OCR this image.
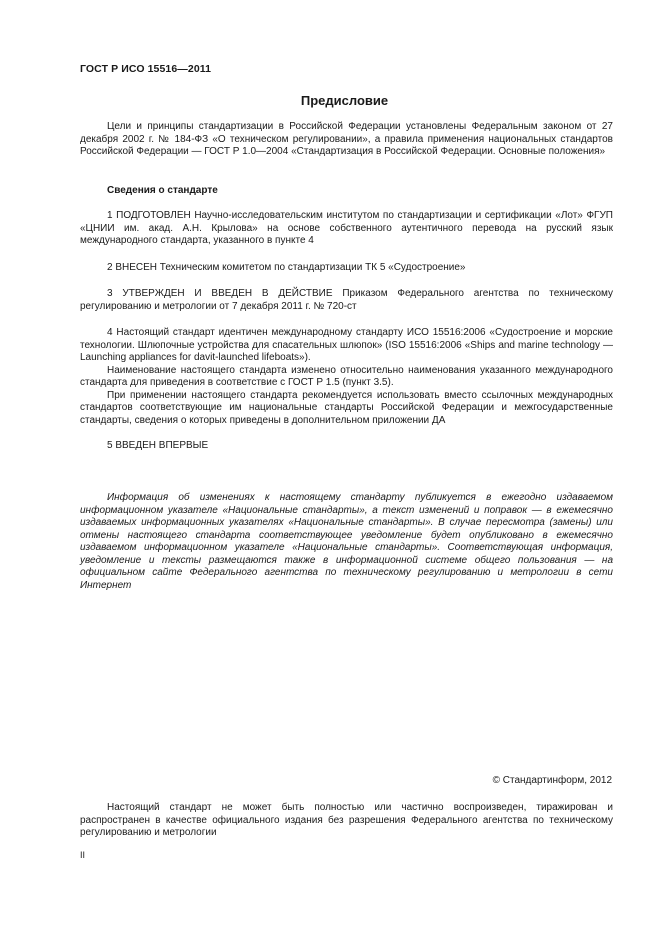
ГОСТ Р ИСО 15516—2011
Предисловие

Цели и принципы стандартизации в Российской Федерации установлены Федеральным законом от 27 декабря 2002 г. № 184-ФЗ «О техническом регулировании», а правила применения национальных стандартов Российской Федерации — ГОСТ Р 1.0—2004 «Стандартизация в Российской Федерации. Основные положения»

Сведения о стандарте

1 ПОДГОТОВЛЕН Научно-исследовательским институтом по стандартизации и сертификации «Лот» ФГУП «ЦНИИ им. акад. А.Н. Крылова» на основе собственного аутентичного перевода на русский язык международного стандарта, указанного в пункте 4

2 ВНЕСЕН Техническим комитетом по стандартизации ТК 5 «Судостроение»

3 УТВЕРЖДЕН И ВВЕДЕН В ДЕЙСТВИЕ Приказом Федерального агентства по техническому регулированию и метрологии от 7 декабря 2011 г. № 720-ст

4 Настоящий стандарт идентичен международному стандарту ИСО 15516:2006 «Судостроение и морские технологии. Шлюпочные устройства для спасательных шлюпок» (ISO 15516:2006 «Ships and marine technology — Launching appliances for davit-launched lifeboats»).

Наименование настоящего стандарта изменено относительно наименования указанного международного стандарта для приведения в соответствие с ГОСТ Р 1.5 (пункт 3.5).

При применении настоящего стандарта рекомендуется использовать вместо ссылочных международных стандартов соответствующие им национальные стандарты Российской Федерации и межгосударственные стандарты, сведения о которых приведены в дополнительном приложении ДА

5 ВВЕДЕН ВПЕРВЫЕ

Информация об изменениях к настоящему стандарту публикуется в ежегодно издаваемом информационном указателе «Национальные стандарты», а текст изменений и поправок — в ежемесячно издаваемых информационных указателях «Национальные стандарты». В случае пересмотра (замены) или отмены настоящего стандарта соответствующее уведомление будет опубликовано в ежемесячно издаваемом информационном указателе «Национальные стандарты». Соответствующая информация, уведомление и тексты размещаются также в информационной системе общего пользования — на официальном сайте Федерального агентства по техническому регулированию и метрологии в сети Интернет

© Стандартинформ, 2012

Настоящий стандарт не может быть полностью или частично воспроизведен, тиражирован и распространен в качестве официального издания без разрешения Федерального агентства по техническому регулированию и метрологии

II
